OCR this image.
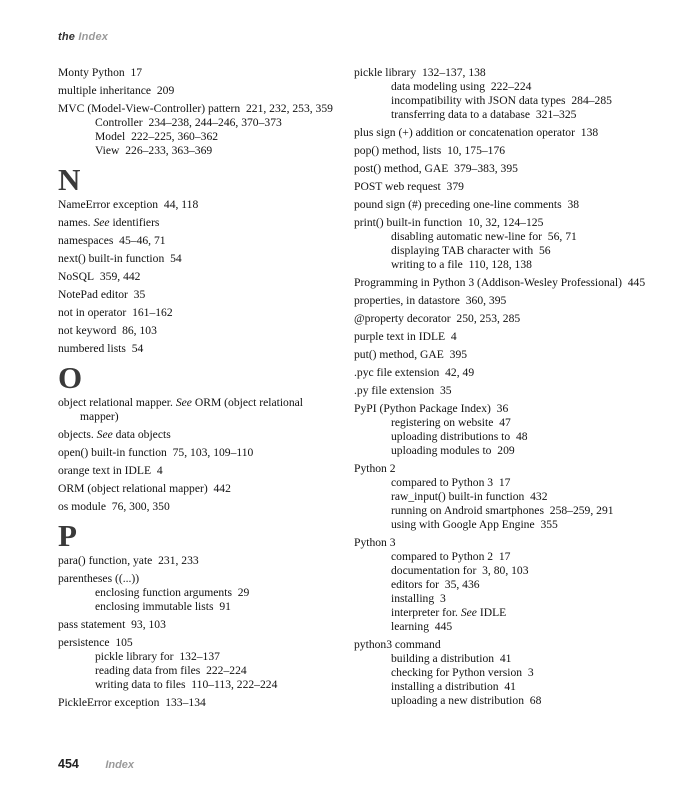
the Index
Monty Python  17
multiple inheritance  209
MVC (Model-View-Controller) pattern  221, 232, 253, 359
Controller  234–238, 244–246, 370–373
Model  222–225, 360–362
View  226–233, 363–369
N
NameError exception  44, 118
names. See identifiers
namespaces  45–46, 71
next() built-in function  54
NoSQL  359, 442
NotePad editor  35
not in operator  161–162
not keyword  86, 103
numbered lists  54
O
object relational mapper. See ORM (object relational mapper)
objects. See data objects
open() built-in function  75, 103, 109–110
orange text in IDLE  4
ORM (object relational mapper)  442
os module  76, 300, 350
P
para() function, yate  231, 233
parentheses ((...))
enclosing function arguments  29
enclosing immutable lists  91
pass statement  93, 103
persistence  105
pickle library for  132–137
reading data from files  222–224
writing data to files  110–113, 222–224
PickleError exception  133–134
pickle library  132–137, 138
data modeling using  222–224
incompatibility with JSON data types  284–285
transferring data to a database  321–325
plus sign (+) addition or concatenation operator  138
pop() method, lists  10, 175–176
post() method, GAE  379–383, 395
POST web request  379
pound sign (#) preceding one-line comments  38
print() built-in function  10, 32, 124–125
disabling automatic new-line for  56, 71
displaying TAB character with  56
writing to a file  110, 128, 138
Programming in Python 3 (Addison-Wesley Professional)  445
properties, in datastore  360, 395
@property decorator  250, 253, 285
purple text in IDLE  4
put() method, GAE  395
.pyc file extension  42, 49
.py file extension  35
PyPI (Python Package Index)  36
registering on website  47
uploading distributions to  48
uploading modules to  209
Python 2
compared to Python 3  17
raw_input() built-in function  432
running on Android smartphones  258–259, 291
using with Google App Engine  355
Python 3
compared to Python 2  17
documentation for  3, 80, 103
editors for  35, 436
installing  3
interpreter for. See IDLE
learning  445
python3 command
building a distribution  41
checking for Python version  3
installing a distribution  41
uploading a new distribution  68
454 Index
